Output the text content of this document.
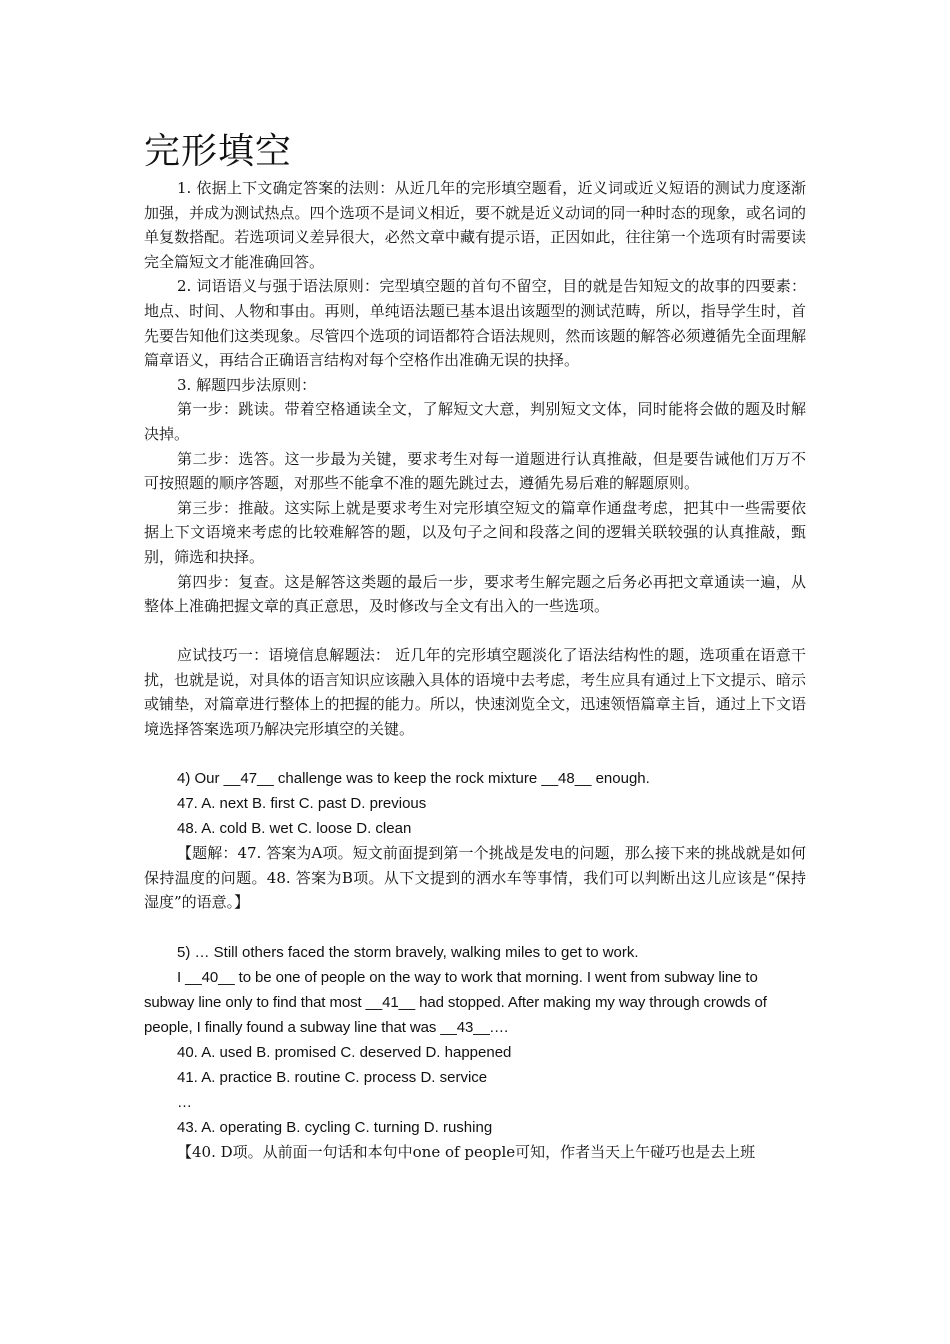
完形填空

1. 依据上下文确定答案的法则：从近几年的完形填空题看，近义词或近义短语的测试力度逐渐加强，并成为测试热点。四个选项不是词义相近，要不就是近义动词的同一种时态的现象，或名词的单复数搭配。若选项词义差异很大，必然文章中藏有提示语，正因如此，往往第一个选项有时需要读完全篇短文才能准确回答。

2. 词语语义与强于语法原则：完型填空题的首句不留空，目的就是告知短文的故事的四要素：地点、时间、人物和事由。再则，单纯语法题已基本退出该题型的测试范畴，所以，指导学生时，首先要告知他们这类现象。尽管四个选项的词语都符合语法规则，然而该题的解答必须遵循先全面理解篇章语义，再结合正确语言结构对每个空格作出准确无误的抉择。

3. 解题四步法原则：

第一步：跳读。带着空格通读全文，了解短文大意，判别短文文体，同时能将会做的题及时解决掉。

第二步：选答。这一步最为关键，要求考生对每一道题进行认真推敲，但是要告诫他们万万不可按照题的顺序答题，对那些不能拿不准的题先跳过去，遵循先易后难的解题原则。

第三步：推敲。这实际上就是要求考生对完形填空短文的篇章作通盘考虑，把其中一些需要依据上下文语境来考虑的比较难解答的题，以及句子之间和段落之间的逻辑关联较强的认真推敲，甄别，筛选和抉择。

第四步：复查。这是解答这类题的最后一步，要求考生解完题之后务必再把文章通读一遍，从整体上准确把握文章的真正意思，及时修改与全文有出入的一些选项。

应试技巧一：语境信息解题法： 近几年的完形填空题淡化了语法结构性的题，选项重在语意干扰，也就是说，对具体的语言知识应该融入具体的语境中去考虑，考生应具有通过上下文提示、暗示或铺垫，对篇章进行整体上的把握的能力。所以，快速浏览全文，迅速领悟篇章主旨，通过上下文语境选择答案选项乃解决完形填空的关键。

4) Our __47__ challenge was to keep the rock mixture __48__ enough.

47. A. next B. first C. past D. previous

48. A. cold B. wet C. loose D. clean

【题解：47. 答案为A项。短文前面提到第一个挑战是发电的问题，那么接下来的挑战就是如何保持温度的问题。48. 答案为B项。从下文提到的洒水车等事情，我们可以判断出这儿应该是“保持湿度”的语意。】

5) … Still others faced the storm bravely, walking miles to get to work.

I __40__ to be one of people on the way to work that morning. I went from subway line to subway line only to find that most __41__ had stopped. After making my way through crowds of people, I finally found a subway line that was __43__.…

40. A. used B. promised C. deserved D. happened

41. A. practice B. routine C. process D. service

…

43. A. operating B. cycling C. turning D. rushing

【40. D项。从前面一句话和本句中one of people可知，作者当天上午碰巧也是去上班
